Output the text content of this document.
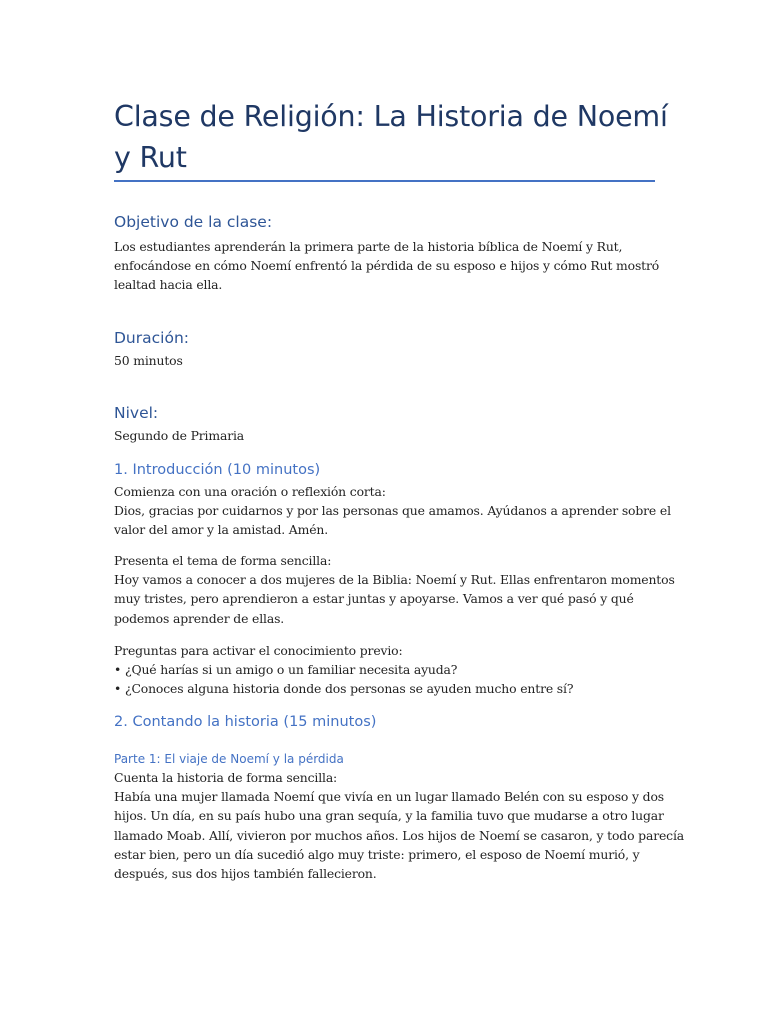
Clase de Religión: La Historia de Noemí
y Rut
Objetivo de la clase:

Los estudiantes aprenderán la primera parte de la historia bíblica de Noemí y Rut,
enfocándose en cómo Noemí enfrentó la pérdida de su esposo e hijos y cómo Rut mostró
lealtad hacia ella.

Duración:

50 minutos

Nivel:

Segundo de Primaria

1. Introducción (10 minutos)

Comienza con una oración o reflexión corta:
Dios, gracias por cuidarnos y por las personas que amamos. Ayúdanos a aprender sobre el
valor del amor y la amistad. Amén.

Presenta el tema de forma sencilla:
Hoy vamos a conocer a dos mujeres de la Biblia: Noemí y Rut. Ellas enfrentaron momentos
muy tristes, pero aprendieron a estar juntas y apoyarse. Vamos a ver qué pasó y qué
podemos aprender de ellas.

Preguntas para activar el conocimiento previo:
• ¿Qué harías si un amigo o un familiar necesita ayuda?
• ¿Conoces alguna historia donde dos personas se ayuden mucho entre sí?

2. Contando la historia (15 minutos)
Parte 1: El viaje de Noemí y la pérdida

Cuenta la historia de forma sencilla:
Había una mujer llamada Noemí que vivía en un lugar llamado Belén con su esposo y dos
hijos. Un día, en su país hubo una gran sequía, y la familia tuvo que mudarse a otro lugar
llamado Moab. Allí, vivieron por muchos años. Los hijos de Noemí se casaron, y todo parecía
estar bien, pero un día sucedió algo muy triste: primero, el esposo de Noemí murió, y
después, sus dos hijos también fallecieron.
